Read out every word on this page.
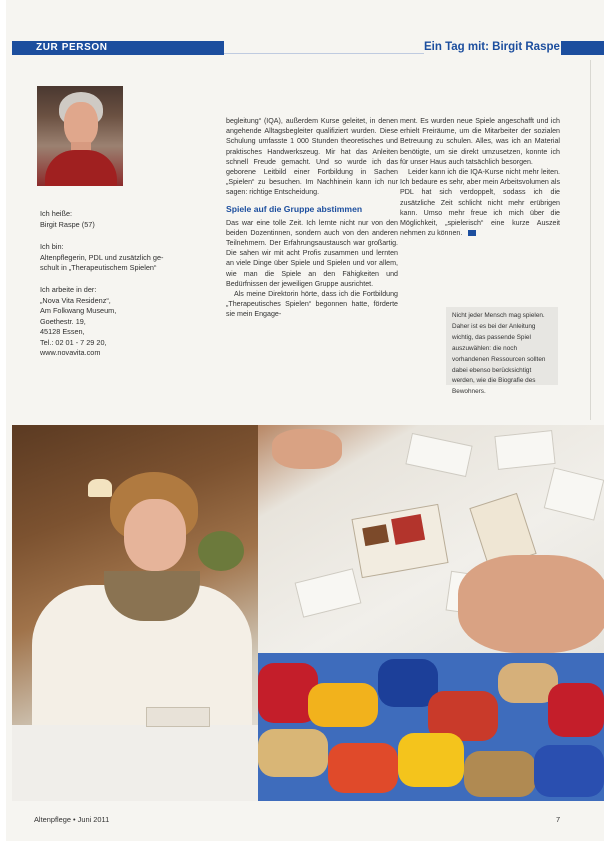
ZUR PERSON	Ein Tag mit: Birgit Raspe
Ich heiße:
Birgit Raspe (57)
Ich bin:
Altenpflegerin, PDL und zusätzlich ge-
schult in „Therapeutischem Spielen“
Ich arbeite in der:
„Nova Vita Residenz“,
Am Folkwang Museum,
Goethestr. 19,
45128 Essen,
Tel.: 02 01 - 7 29 20,
www.novavita.com

begleitung“ (IQA), außerdem Kurse geleitet, in denen angehende Alltagsbegleiter qualifiziert wurden. Diese Schulung umfasste 1 000 Stunden theoretisches und praktisches Handwerkszeug. Mir hat das Anleiten schnell Freude gemacht. Und so wurde ich das geborene Leitbild einer Fortbildung in Sachen „Spielen“ zu besuchen. Im Nachhinein kann ich nur sagen: richtige Entscheidung.

Spiele auf die Gruppe abstimmen

Das war eine tolle Zeit. Ich lernte nicht nur von den beiden Dozentinnen, sondern auch von den anderen Teilnehmern. Der Erfahrungsaustausch war großartig. Die sahen wir mit acht Profis zusammen und lernten an viele Dinge über Spiele und Spielen und vor allem, wie man die Spiele an den Fähigkeiten und Bedürfnissen der jeweiligen Gruppe ausrichtet.

Als meine Direktorin hörte, dass ich die Fortbildung „Therapeutisches Spielen“ begonnen hatte, förderte sie mein Engage-

ment. Es wurden neue Spiele angeschafft und ich erhielt Freiräume, um die Mitarbeiter der sozialen Betreuung zu schulen. Alles, was ich an Material benötigte, um sie direkt umzusetzen, konnte ich für unser Haus auch tatsächlich besorgen.

Leider kann ich die IQA-Kurse nicht mehr leiten. Ich bedaure es sehr, aber mein Arbeitsvolumen als PDL hat sich verdoppelt, sodass ich die zusätzliche Zeit schlicht nicht mehr erübrigen kann. Umso mehr freue ich mich über die Möglichkeit, „spielerisch“ eine kurze Auszeit nehmen zu können.

Nicht jeder Mensch mag spielen. Daher ist es bei der Anleitung wichtig, das passende Spiel auszuwählen: die noch vorhandenen Ressourcen sollten dabei ebenso berücksichtigt werden, wie die Biografie des Bewohners.
Altenpflege • Juni 2011	7
